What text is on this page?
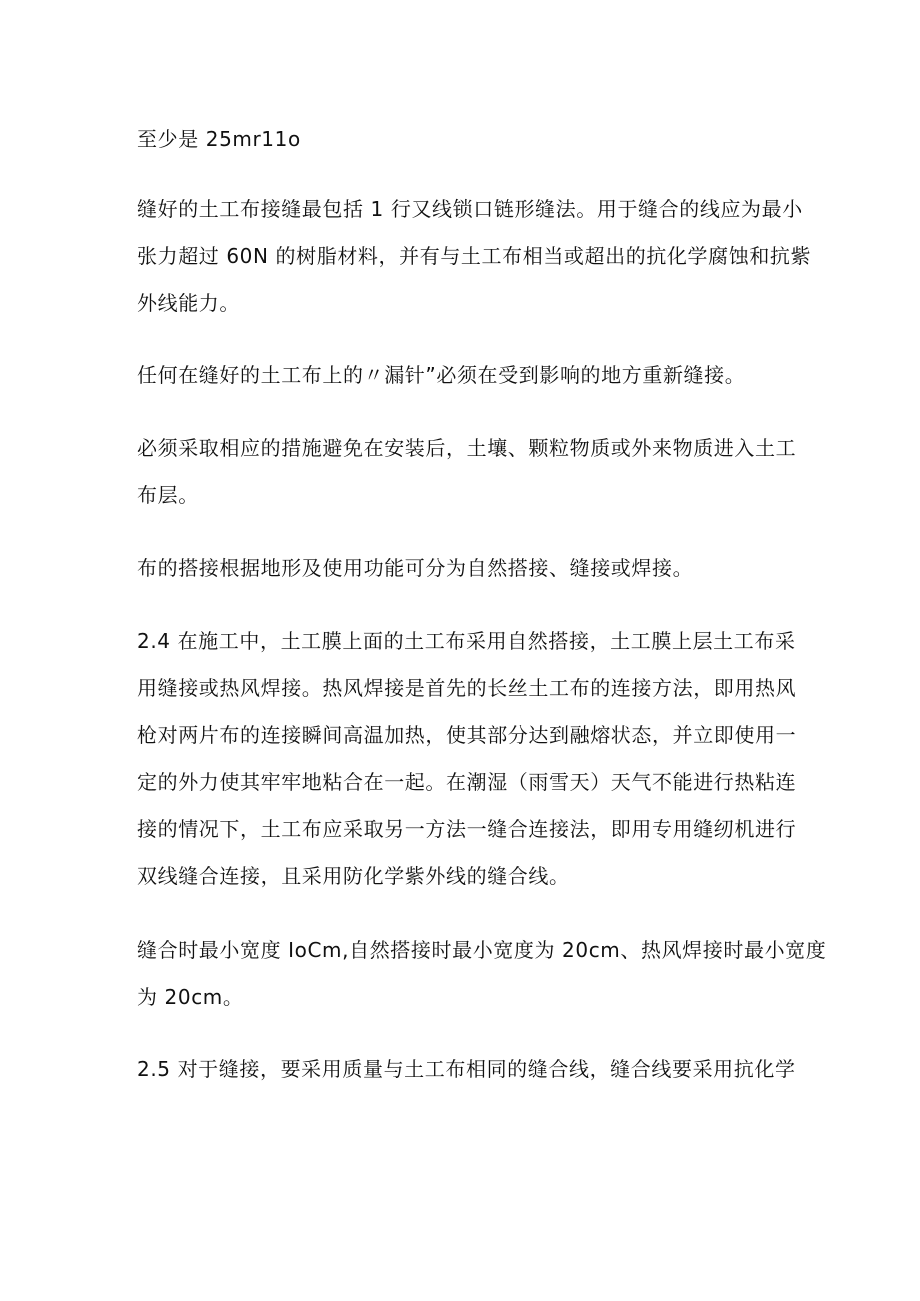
至少是 25mr11o
缝好的土工布接缝最包括 1 行又线锁口链形缝法。用于缝合的线应为最小
张力超过 60N 的树脂材料，并有与土工布相当或超出的抗化学腐蚀和抗紫
外线能力。
任何在缝好的土工布上的〃漏针”必须在受到影响的地方重新缝接。
必须采取相应的措施避免在安装后，土壤、颗粒物质或外来物质进入土工
布层。
布的搭接根据地形及使用功能可分为自然搭接、缝接或焊接。
2.4 在施工中，土工膜上面的土工布采用自然搭接，土工膜上层土工布采
用缝接或热风焊接。热风焊接是首先的长丝土工布的连接方法，即用热风
枪对两片布的连接瞬间高温加热，使其部分达到融熔状态，并立即使用一
定的外力使其牢牢地粘合在一起。在潮湿（雨雪天）天气不能进行热粘连
接的情况下，土工布应采取另一方法一缝合连接法，即用专用缝纫机进行
双线缝合连接，且采用防化学紫外线的缝合线。
缝合时最小宽度 IoCm,自然搭接时最小宽度为 20cm、热风焊接时最小宽度
为 20cm。
2.5 对于缝接，要采用质量与土工布相同的缝合线，缝合线要采用抗化学
